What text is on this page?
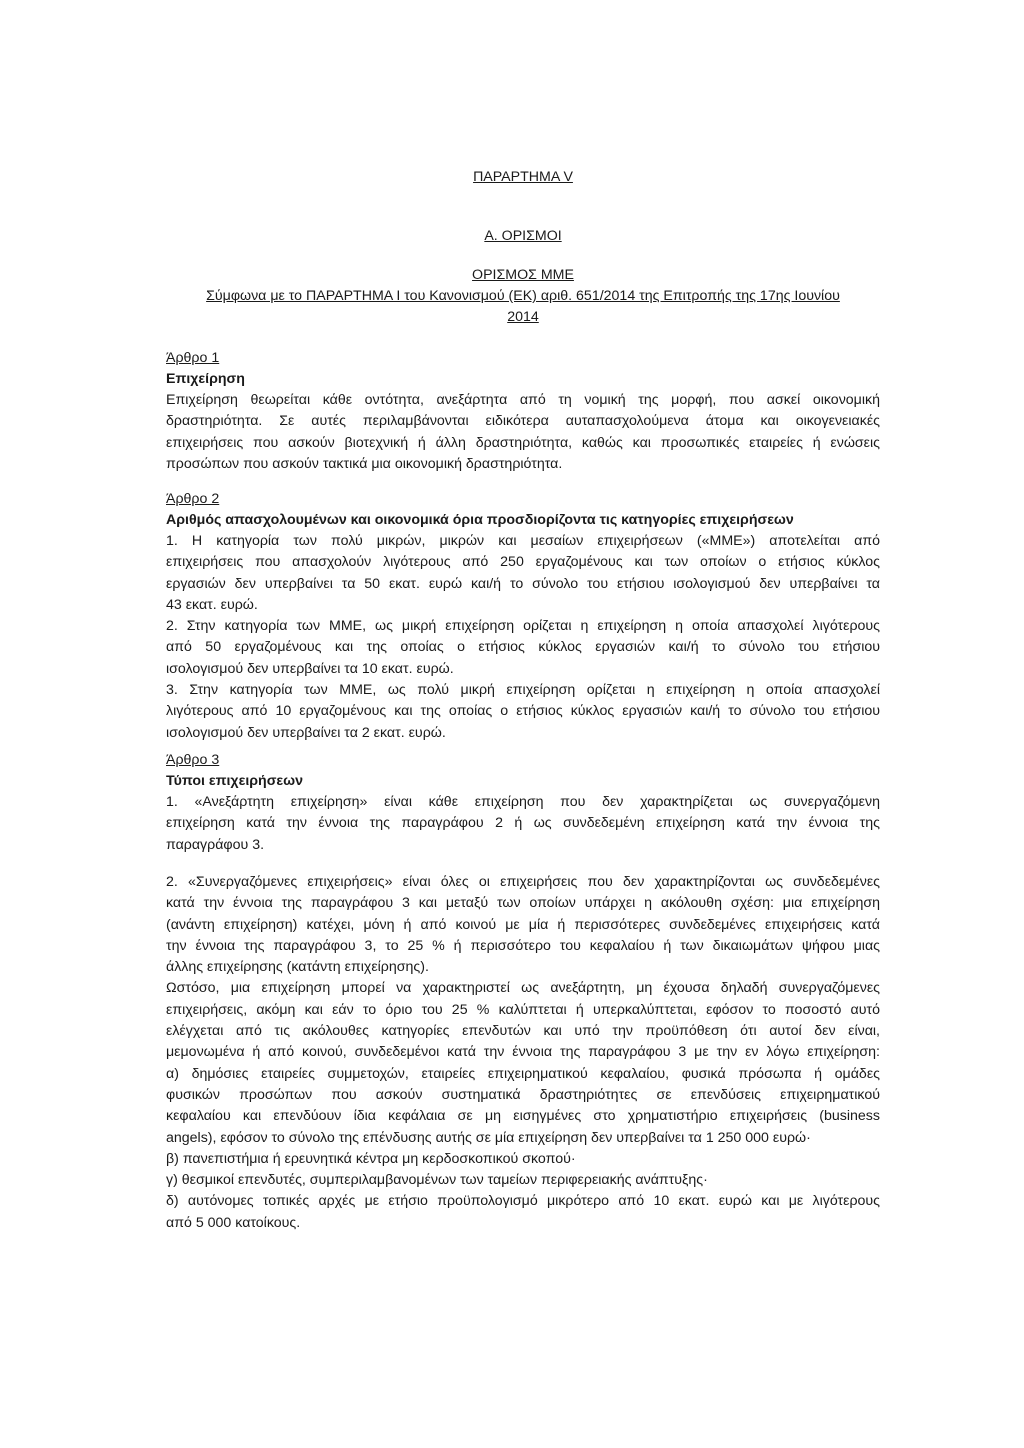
ΠΑΡΑΡΤΗΜΑ V
Α. ΟΡΙΣΜΟΙ
ΟΡΙΣΜΟΣ ΜΜΕ
Σύμφωνα με το ΠΑΡΑΡΤΗΜΑ Ι του Κανονισμού (ΕΚ) αριθ. 651/2014 της Επιτροπής της 17ης Ιουνίου
2014
Άρθρο 1
Επιχείρηση
Επιχείρηση θεωρείται κάθε οντότητα, ανεξάρτητα από τη νομική της μορφή, που ασκεί οικονομική
δραστηριότητα. Σε αυτές περιλαμβάνονται ειδικότερα αυταπασχολούμενα άτομα και οικογενειακές
επιχειρήσεις που ασκούν βιοτεχνική ή άλλη δραστηριότητα, καθώς και προσωπικές εταιρείες ή ενώσεις
προσώπων που ασκούν τακτικά μια οικονομική δραστηριότητα.
Άρθρο 2
Αριθμός απασχολουμένων και οικονομικά όρια προσδιορίζοντα τις κατηγορίες επιχειρήσεων
1. Η κατηγορία των πολύ μικρών, μικρών και μεσαίων επιχειρήσεων («ΜΜΕ») αποτελείται από
επιχειρήσεις που απασχολούν λιγότερους από 250 εργαζομένους και των οποίων ο ετήσιος κύκλος
εργασιών δεν υπερβαίνει τα 50 εκατ. ευρώ και/ή το σύνολο του ετήσιου ισολογισμού δεν υπερβαίνει τα
43 εκατ. ευρώ.
2. Στην κατηγορία των ΜΜΕ, ως μικρή επιχείρηση ορίζεται η επιχείρηση η οποία απασχολεί λιγότερους
από 50 εργαζομένους και της οποίας ο ετήσιος κύκλος εργασιών και/ή το σύνολο του ετήσιου
ισολογισμού δεν υπερβαίνει τα 10 εκατ. ευρώ.
3. Στην κατηγορία των ΜΜΕ, ως πολύ μικρή επιχείρηση ορίζεται η επιχείρηση η οποία απασχολεί
λιγότερους από 10 εργαζομένους και της οποίας ο ετήσιος κύκλος εργασιών και/ή το σύνολο του ετήσιου
ισολογισμού δεν υπερβαίνει τα 2 εκατ. ευρώ.
Άρθρο 3
Τύποι επιχειρήσεων
1. «Ανεξάρτητη επιχείρηση» είναι κάθε επιχείρηση που δεν χαρακτηρίζεται ως συνεργαζόμενη
επιχείρηση κατά την έννοια της παραγράφου 2 ή ως συνδεδεμένη επιχείρηση κατά την έννοια της
παραγράφου 3.
2. «Συνεργαζόμενες επιχειρήσεις» είναι όλες οι επιχειρήσεις που δεν χαρακτηρίζονται ως συνδεδεμένες
κατά την έννοια της παραγράφου 3 και μεταξύ των οποίων υπάρχει η ακόλουθη σχέση: μια επιχείρηση
(ανάντη επιχείρηση) κατέχει, μόνη ή από κοινού με μία ή περισσότερες συνδεδεμένες επιχειρήσεις κατά
την έννοια της παραγράφου 3, το 25 % ή περισσότερο του κεφαλαίου ή των δικαιωμάτων ψήφου μιας
άλλης επιχείρησης (κατάντη επιχείρησης).
Ωστόσο, μια επιχείρηση μπορεί να χαρακτηριστεί ως ανεξάρτητη, μη έχουσα δηλαδή συνεργαζόμενες
επιχειρήσεις, ακόμη και εάν το όριο του 25 % καλύπτεται ή υπερκαλύπτεται, εφόσον το ποσοστό αυτό
ελέγχεται από τις ακόλουθες κατηγορίες επενδυτών και υπό την προϋπόθεση ότι αυτοί δεν είναι,
μεμονωμένα ή από κοινού, συνδεδεμένοι κατά την έννοια της παραγράφου 3 με την εν λόγω επιχείρηση:
α) δημόσιες εταιρείες συμμετοχών, εταιρείες επιχειρηματικού κεφαλαίου, φυσικά πρόσωπα ή ομάδες
φυσικών προσώπων που ασκούν συστηματικά δραστηριότητες σε επενδύσεις επιχειρηματικού
κεφαλαίου και επενδύουν ίδια κεφάλαια σε μη εισηγμένες στο χρηματιστήριο επιχειρήσεις (business
angels), εφόσον το σύνολο της επένδυσης αυτής σε μία επιχείρηση δεν υπερβαίνει τα 1 250 000 ευρώ·
β) πανεπιστήμια ή ερευνητικά κέντρα μη κερδοσκοπικού σκοπού·
γ) θεσμικοί επενδυτές, συμπεριλαμβανομένων των ταμείων περιφερειακής ανάπτυξης·
δ) αυτόνομες τοπικές αρχές με ετήσιο προϋπολογισμό μικρότερο από 10 εκατ. ευρώ και με λιγότερους
από 5 000 κατοίκους.
